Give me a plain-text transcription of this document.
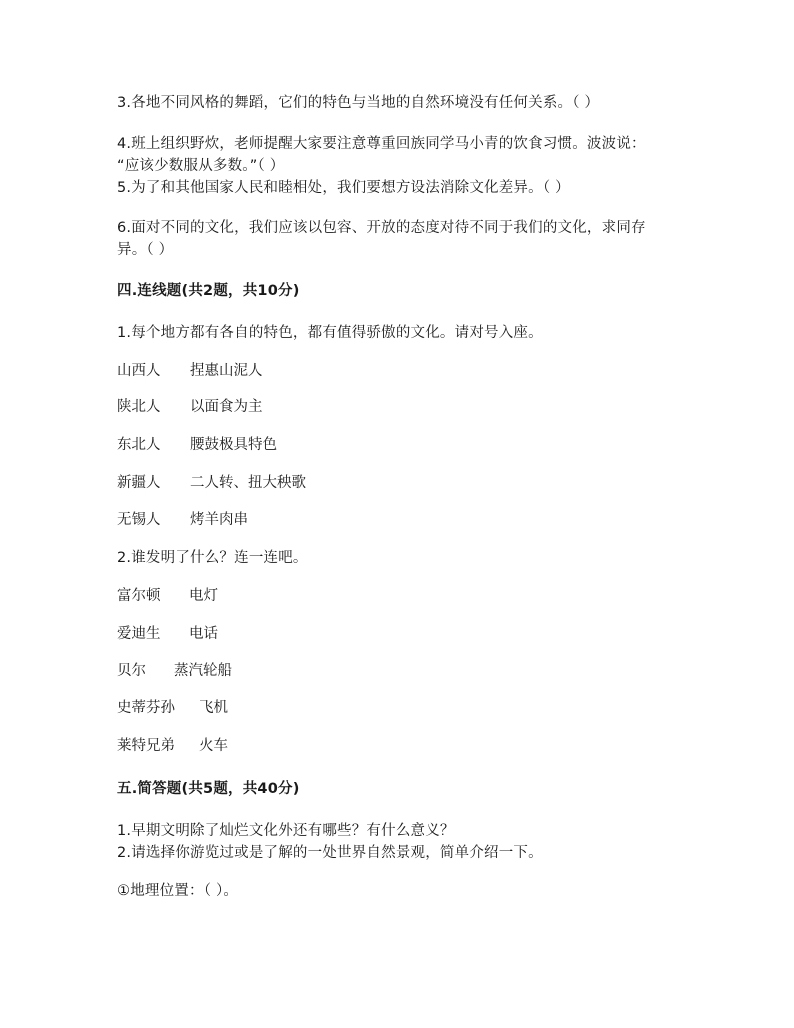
3.各地不同风格的舞蹈，它们的特色与当地的自然环境没有任何关系。（ ）
4.班上组织野炊，老师提醒大家要注意尊重回族同学马小青的饮食习惯。波波说：
“应该少数服从多数。”（ ）
5.为了和其他国家人民和睦相处，我们要想方设法消除文化差异。（ ）
6.面对不同的文化，我们应该以包容、开放的态度对待不同于我们的文化，求同存
异。（ ）
四.连线题(共2题，共10分)
1.每个地方都有各自的特色，都有值得骄傲的文化。请对号入座。
山西人 捏惠山泥人
陕北人 以面食为主
东北人 腰鼓极具特色
新疆人 二人转、扭大秧歌
无锡人 烤羊肉串
2.谁发明了什么？连一连吧。
富尔顿 电灯
爱迪生 电话
贝尔 蒸汽轮船
史蒂芬孙 飞机
莱特兄弟 火车
五.简答题(共5题，共40分)
1.早期文明除了灿烂文化外还有哪些？有什么意义？
2.请选择你游览过或是了解的一处世界自然景观，简单介绍一下。
①地理位置：（ ）。
